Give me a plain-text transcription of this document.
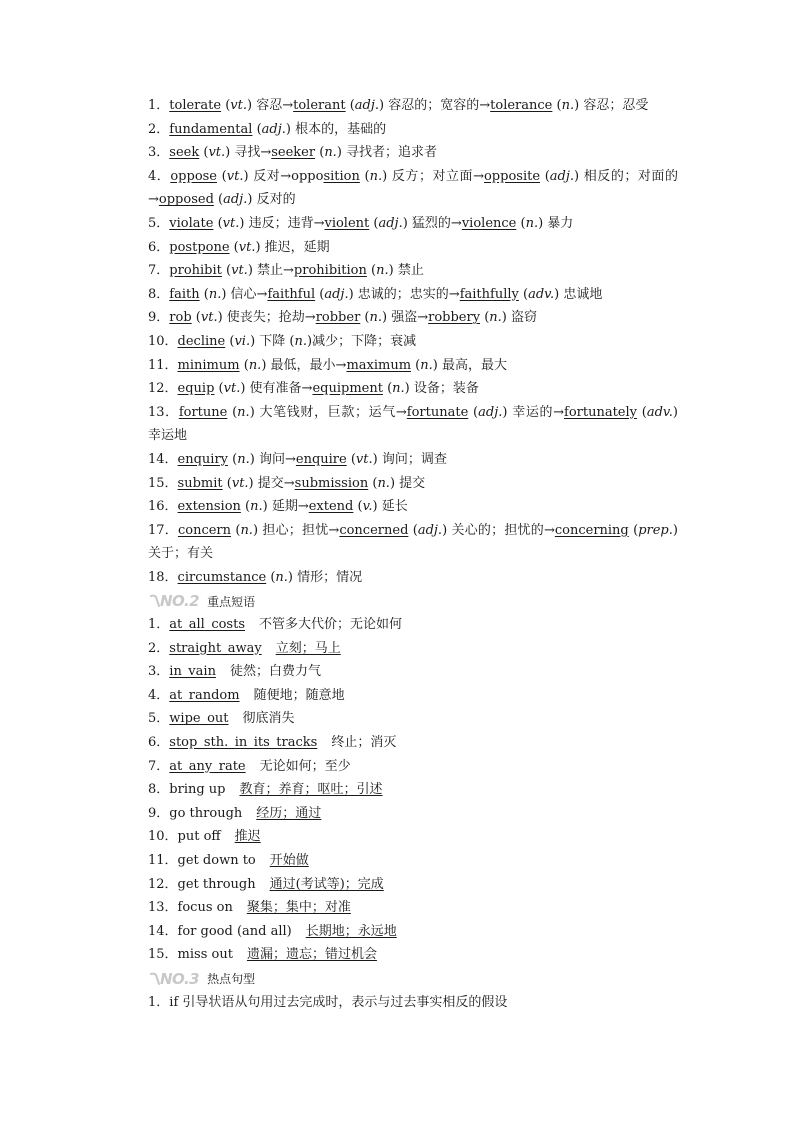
1．tolerate (vt.) 容忍→tolerant (adj.) 容忍的；宽容的→tolerance (n.) 容忍；忍受
2．fundamental (adj.) 根本的，基础的
3．seek (vt.) 寻找→seeker (n.) 寻找者；追求者
4．oppose (vt.) 反对→opposition (n.) 反方；对立面→opposite (adj.) 相反的；对面的→opposed (adj.) 反对的
5．violate (vt.) 违反；违背→violent (adj.) 猛烈的→violence (n.) 暴力
6．postpone (vt.) 推迟，延期
7．prohibit (vt.) 禁止→prohibition (n.) 禁止
8．faith (n.) 信心→faithful (adj.) 忠诚的；忠实的→faithfully (adv.) 忠诚地
9．rob (vt.) 使丧失；抢劫→robber (n.) 强盗→robbery (n.) 盗窃
10．decline (vi.) 下降 (n.)减少；下降；衰减
11．minimum (n.) 最低，最小→maximum (n.) 最高，最大
12．equip (vt.) 使有准备→equipment (n.) 设备；装备
13．fortune (n.) 大笔钱财，巨款；运气→fortunate (adj.) 幸运的→fortunately (adv.) 幸运地
14．enquiry (n.) 询问→enquire (vt.) 询问；调查
15．submit (vt.) 提交→submission (n.) 提交
16．extension (n.) 延期→extend (v.) 延长
17．concern (n.) 担心；担忧→concerned (adj.) 关心的；担忧的→concerning (prep.) 关于；有关
18．circumstance (n.) 情形；情况
NO.2 重点短语
1．at_all_costs 不管多大代价；无论如何
2．straight_away 立刻；马上
3．in_vain 徒然；白费力气
4．at_random 随便地；随意地
5．wipe_out 彻底消失
6．stop_sth._in_its_tracks 终止；消灭
7．at_any_rate 无论如何；至少
8．bring up 教育；养育；呕吐；引述
9．go through 经历；通过
10．put off 推迟
11．get down to 开始做
12．get through 通过(考试等)；完成
13．focus on 聚集；集中；对准
14．for good (and all) 长期地；永远地
15．miss out 遗漏；遗忘；错过机会
NO.3 热点句型
1．if 引导状语从句用过去完成时，表示与过去事实相反的假设
